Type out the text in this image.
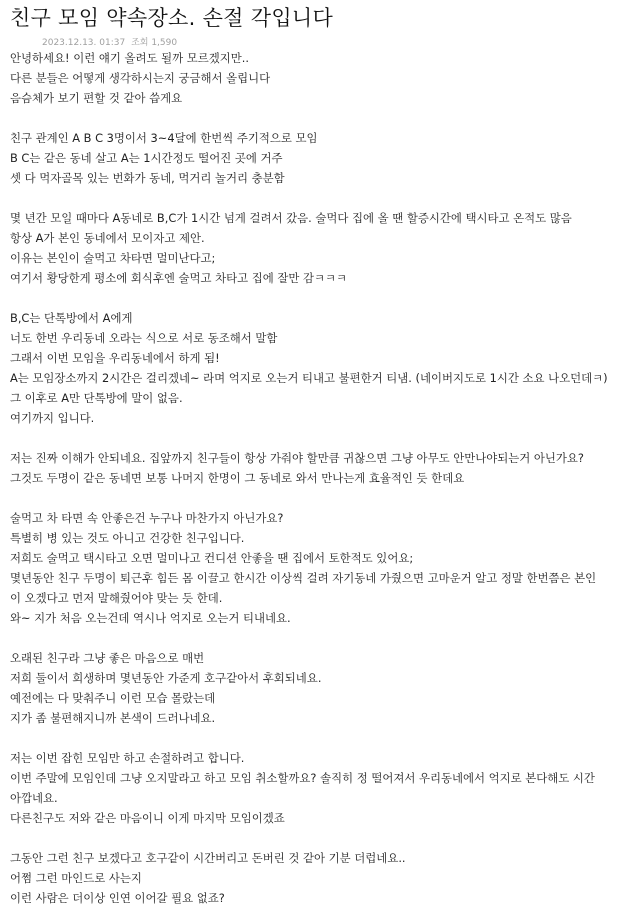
친구 모임 약속장소. 손절 각입니다
2023.12.13. 01:37 조회 1,590
안녕하세요! 이런 얘기 올려도 될까 모르겠지만..
다른 분들은 어떻게 생각하시는지 궁금해서 올립니다
음슴체가 보기 편할 것 같아 씁게요
친구 관계인 A B C 3명이서 3~4달에 한번씩 주기적으로 모임
B C는 같은 동네 살고 A는 1시간정도 떨어진 곳에 거주
셋 다 먹자골목 있는 번화가 동네, 먹거리 놀거리 충분함
몇 년간 모일 때마다 A동네로 B,C가 1시간 넘게 걸려서 갔음. 술먹다 집에 올 땐 할증시간에 택시타고 온적도 많음
항상 A가 본인 동네에서 모이자고 제안.
이유는 본인이 술먹고 차타면 멀미난다고;
여기서 황당한게 평소에 회식후엔 술먹고 차타고 집에 잘만 감ㅋㅋㅋ
B,C는 단톡방에서 A에게
너도 한번 우리동네 오라는 식으로 서로 동조해서 말함
그래서 이번 모임을 우리동네에서 하게 됨!
A는 모임장소까지 2시간은 걸리겠네~ 라며 억지로 오는거 티내고 불편한거 티냄. (네이버지도로 1시간 소요 나오던데ㅋ)
그 이후로 A만 단톡방에 말이 없음.
여기까지 입니다.
저는 진짜 이해가 안되네요. 집앞까지 친구들이 항상 가줘야 할만큼 귀찮으면 그냥 아무도 안만나야되는거 아닌가요?
그것도 두명이 같은 동네면 보통 나머지 한명이 그 동네로 와서 만나는게 효율적인 듯 한데요
술먹고 차 타면 속 안좋은건 누구나 마찬가지 아닌가요?
특별히 병 있는 것도 아니고 건강한 친구입니다.
저희도 술먹고 택시타고 오면 멀미나고 컨디션 안좋을 땐 집에서 토한적도 있어요;
몇년동안 친구 두명이 퇴근후 힘든 몸 이끌고 한시간 이상씩 걸려 자기동네 가줬으면 고마운거 알고 정말 한번쯤은 본인
이 오겠다고 먼저 말해줬어야 맞는 듯 한데.
와~ 지가 처음 오는건데 역시나 억지로 오는거 티내네요.
오래된 친구라 그냥 좋은 마음으로 매번
저희 둘이서 희생하며 몇년동안 가준게 호구같아서 후회되네요.
예전에는 다 맞춰주니 이런 모습 몰랐는데
지가 좀 불편해지니까 본색이 드러나네요.
저는 이번 잡힌 모임만 하고 손절하려고 합니다.
이번 주말에 모임인데 그냥 오지말라고 하고 모임 취소할까요? 솔직히 정 떨어져서 우리동네에서 억지로 본다해도 시간
아깝네요.
다른친구도 저와 같은 마음이니 이게 마지막 모임이겠죠
그동안 그런 친구 보겠다고 호구같이 시간버리고 돈버린 것 같아 기분 더럽네요..
어쩜 그런 마인드로 사는지
이런 사람은 더이상 인연 이어갈 필요 없죠?
